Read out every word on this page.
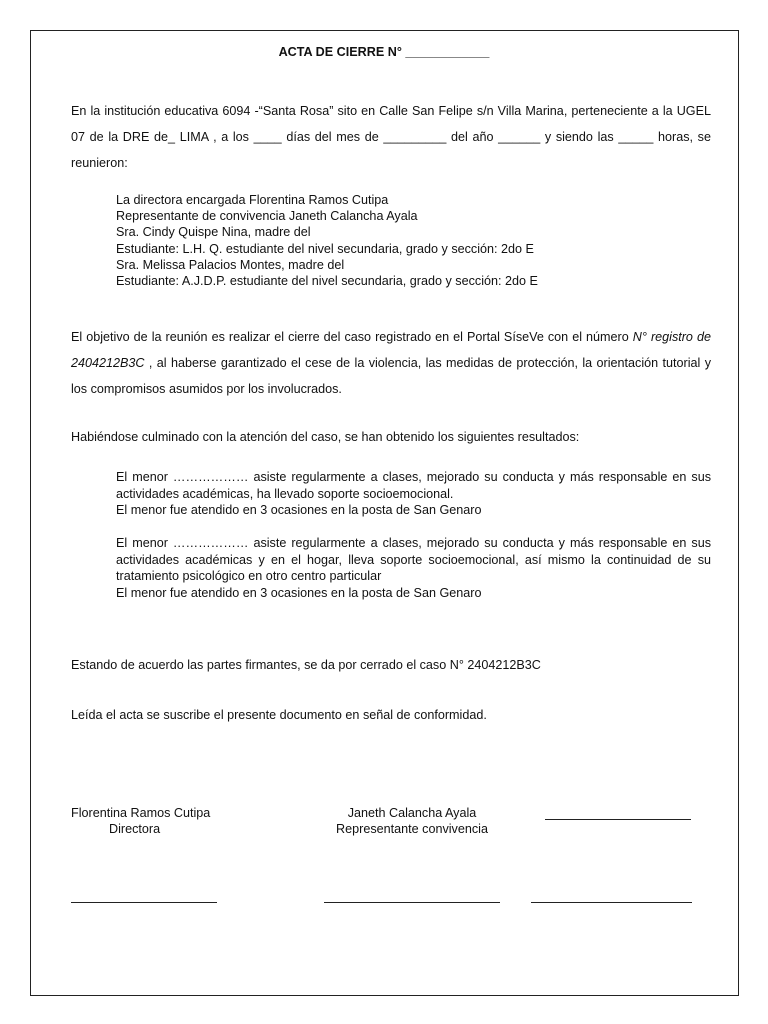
ACTA DE CIERRE N° ____________

En la institución educativa 6094 -“Santa Rosa” sito en Calle San Felipe s/n Villa Marina, perteneciente a la UGEL 07 de la DRE de_ LIMA , a los ____ días del mes de _________ del año ______ y siendo las _____ horas, se reunieron:

La directora encargada Florentina Ramos Cutipa
Representante de convivencia Janeth Calancha Ayala
Sra. Cindy Quispe Nina, madre del
Estudiante: L.H. Q. estudiante del nivel secundaria, grado y sección: 2do E
Sra. Melissa Palacios Montes, madre del
Estudiante: A.J.D.P. estudiante del nivel secundaria, grado y sección: 2do E

El objetivo de la reunión es realizar el cierre del caso registrado en el Portal SíseVe con el número N° registro de 2404212B3C , al haberse garantizado el cese de la violencia, las medidas de protección, la orientación tutorial y los compromisos asumidos por los involucrados.

Habiéndose culminado con la atención del caso, se han obtenido los siguientes resultados:

El menor ……………… asiste regularmente a clases, mejorado su conducta y más responsable en sus actividades académicas, ha llevado soporte socioemocional.

El menor fue atendido en 3 ocasiones en la posta de San Genaro

El menor ……………… asiste regularmente a clases, mejorado su conducta y más responsable en sus actividades académicas y en el hogar, lleva soporte socioemocional, así mismo la continuidad de su tratamiento psicológico en otro centro particular

El menor fue atendido en 3 ocasiones en la posta de San Genaro

Estando de acuerdo las partes firmantes, se da por cerrado el caso N° 2404212B3C
Leída el acta se suscribe el presente documento en señal de conformidad.
Florentina Ramos Cutipa
Directora
Janeth Calancha Ayala
Representante convivencia
